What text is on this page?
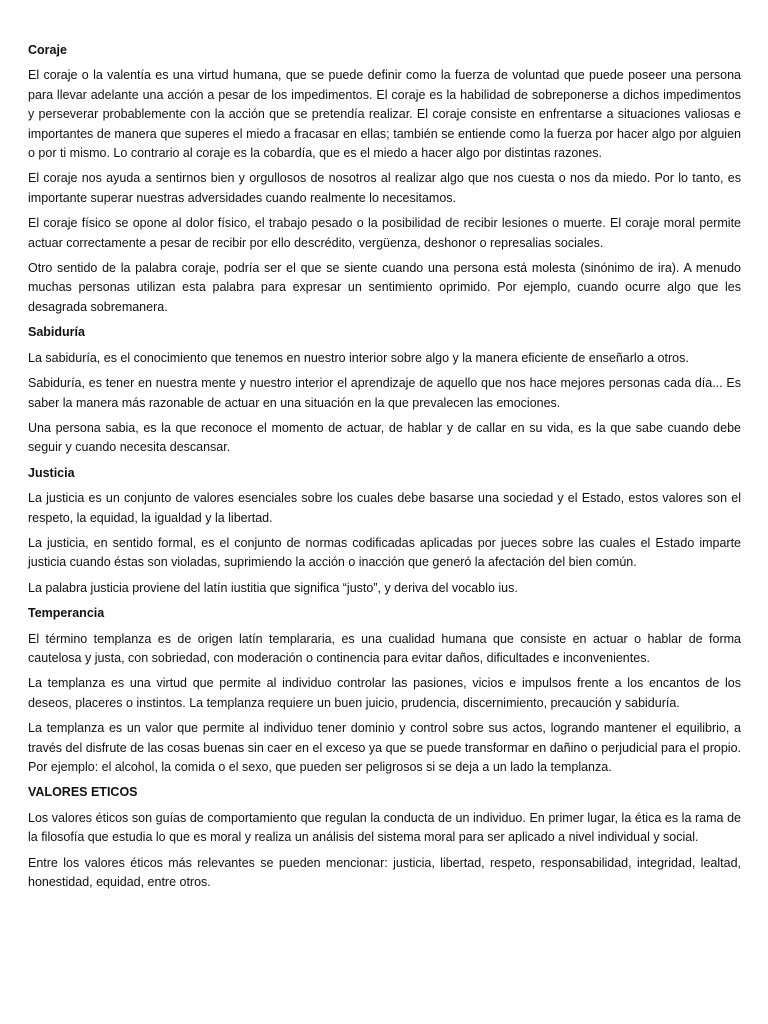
Coraje

El coraje o la valentía es una virtud humana, que se puede definir como la fuerza de voluntad que puede poseer una persona para llevar adelante una acción a pesar de los impedimentos. El coraje es la habilidad de sobreponerse a dichos impedimentos y perseverar probablemente con la acción que se pretendía realizar. El coraje consiste en enfrentarse a situaciones valiosas e importantes de manera que superes el miedo a fracasar en ellas; también se entiende como la fuerza por hacer algo por alguien o por ti mismo. Lo contrario al coraje es la cobardía, que es el miedo a hacer algo por distintas razones.

El coraje nos ayuda a sentirnos bien y orgullosos de nosotros al realizar algo que nos cuesta o nos da miedo. Por lo tanto, es importante superar nuestras adversidades cuando realmente lo necesitamos.

El coraje físico se opone al dolor físico, el trabajo pesado o la posibilidad de recibir lesiones o muerte. El coraje moral permite actuar correctamente a pesar de recibir por ello descrédito, vergüenza, deshonor o represalias sociales.

Otro sentido de la palabra coraje, podría ser el que se siente cuando una persona está molesta (sinónimo de ira). A menudo muchas personas utilizan esta palabra para expresar un sentimiento oprimido. Por ejemplo, cuando ocurre algo que les desagrada sobremanera.

Sabiduría

La sabiduría, es el conocimiento que tenemos en nuestro interior sobre algo y la manera eficiente de enseñarlo a otros.

Sabiduría, es tener en nuestra mente y nuestro interior el aprendizaje de aquello que nos hace mejores personas cada día... Es saber la manera más razonable de actuar en una situación en la que prevalecen las emociones.

Una persona sabia, es la que reconoce el momento de actuar, de hablar y de callar en su vida, es la que sabe cuando debe seguir y cuando necesita descansar.

Justicia

La justicia es un conjunto de valores esenciales sobre los cuales debe basarse una sociedad y el Estado, estos valores son el respeto, la equidad, la igualdad y la libertad.

La justicia, en sentido formal, es el conjunto de normas codificadas aplicadas por jueces sobre las cuales el Estado imparte justicia cuando éstas son violadas, suprimiendo la acción o inacción que generó la afectación del bien común.

La palabra justicia proviene del latín iustitia que significa “justo”, y deriva del vocablo ius.

Temperancia

El término templanza es de origen latín templararia, es una cualidad humana que consiste en actuar o hablar de forma cautelosa y justa, con sobriedad, con moderación o continencia para evitar daños, dificultades e inconvenientes.

La templanza es una virtud que permite al individuo controlar las pasiones, vicios e impulsos frente a los encantos de los deseos, placeres o instintos. La templanza requiere un buen juicio, prudencia, discernimiento, precaución y sabiduría.

La templanza es un valor que permite al individuo tener dominio y control sobre sus actos, logrando mantener el equilibrio, a través del disfrute de las cosas buenas sin caer en el exceso ya que se puede transformar en dañino o perjudicial para el propio. Por ejemplo: el alcohol, la comida o el sexo, que pueden ser peligrosos si se deja a un lado la templanza.

VALORES ETICOS

Los valores éticos son guías de comportamiento que regulan la conducta de un individuo. En primer lugar, la ética es la rama de la filosofía que estudia lo que es moral y realiza un análisis del sistema moral para ser aplicado a nivel individual y social.

Entre los valores éticos más relevantes se pueden mencionar: justicia, libertad, respeto, responsabilidad, integridad, lealtad, honestidad, equidad, entre otros.
